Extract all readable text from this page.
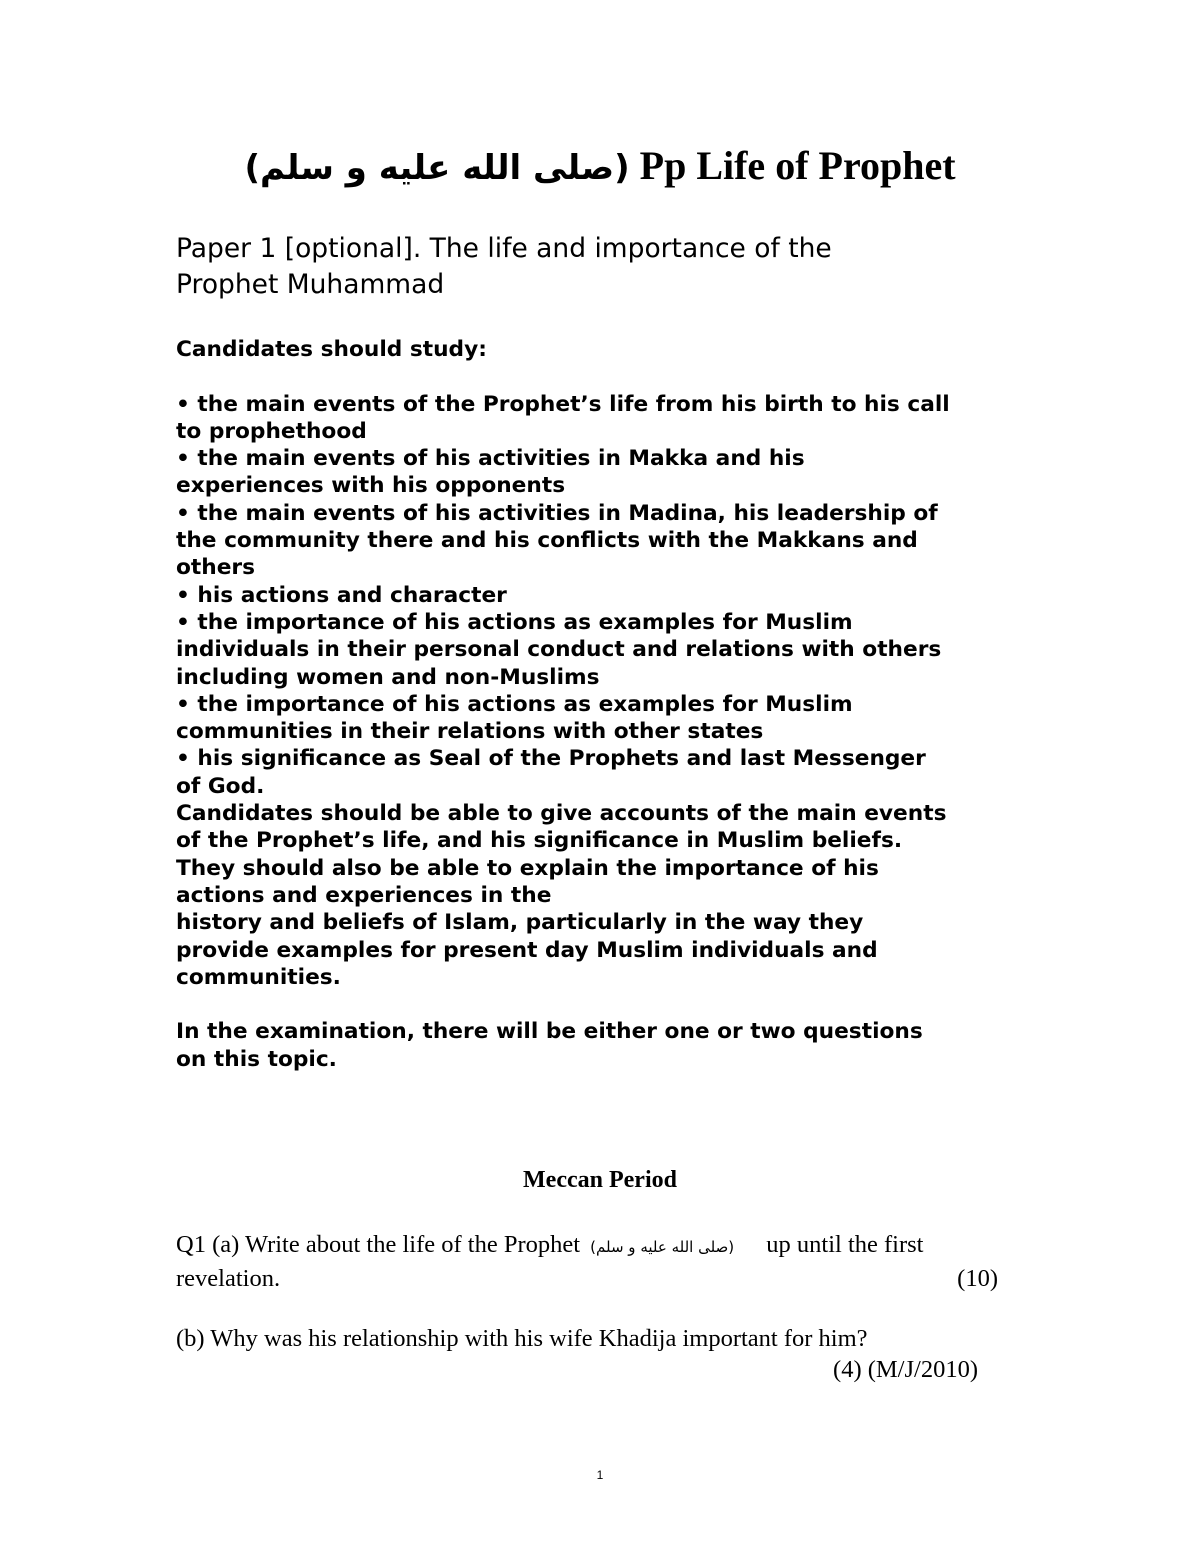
(صلى الله عليه و سلم) Pp Life of Prophet
Paper 1 [optional]. The life and importance of the
Prophet Muhammad

Candidates should study:

• the main events of the Prophet’s life from his birth to his call

to prophethood

• the main events of his activities in Makka and his

experiences with his opponents

• the main events of his activities in Madina, his leadership of

the community there and his conflicts with the Makkans and

others

• his actions and character

• the importance of his actions as examples for Muslim

individuals in their personal conduct and relations with others

including women and non-Muslims

• the importance of his actions as examples for Muslim

communities in their relations with other states

• his significance as Seal of the Prophets and last Messenger

of God.

Candidates should be able to give accounts of the main events

of the Prophet’s life, and his significance in Muslim beliefs.

They should also be able to explain the importance of his

actions and experiences in the

history and beliefs of Islam, particularly in the way they

provide examples for present day Muslim individuals and

communities.

In the examination, there will be either one or two questions

on this topic.

Meccan Period
Q1 (a) Write about the life of the Prophet (صلى الله عليه و سلم) up until the first
revelation.	(10)
(b) Why was his relationship with his wife Khadija important for him?
(4) (M/J/2010)
1
